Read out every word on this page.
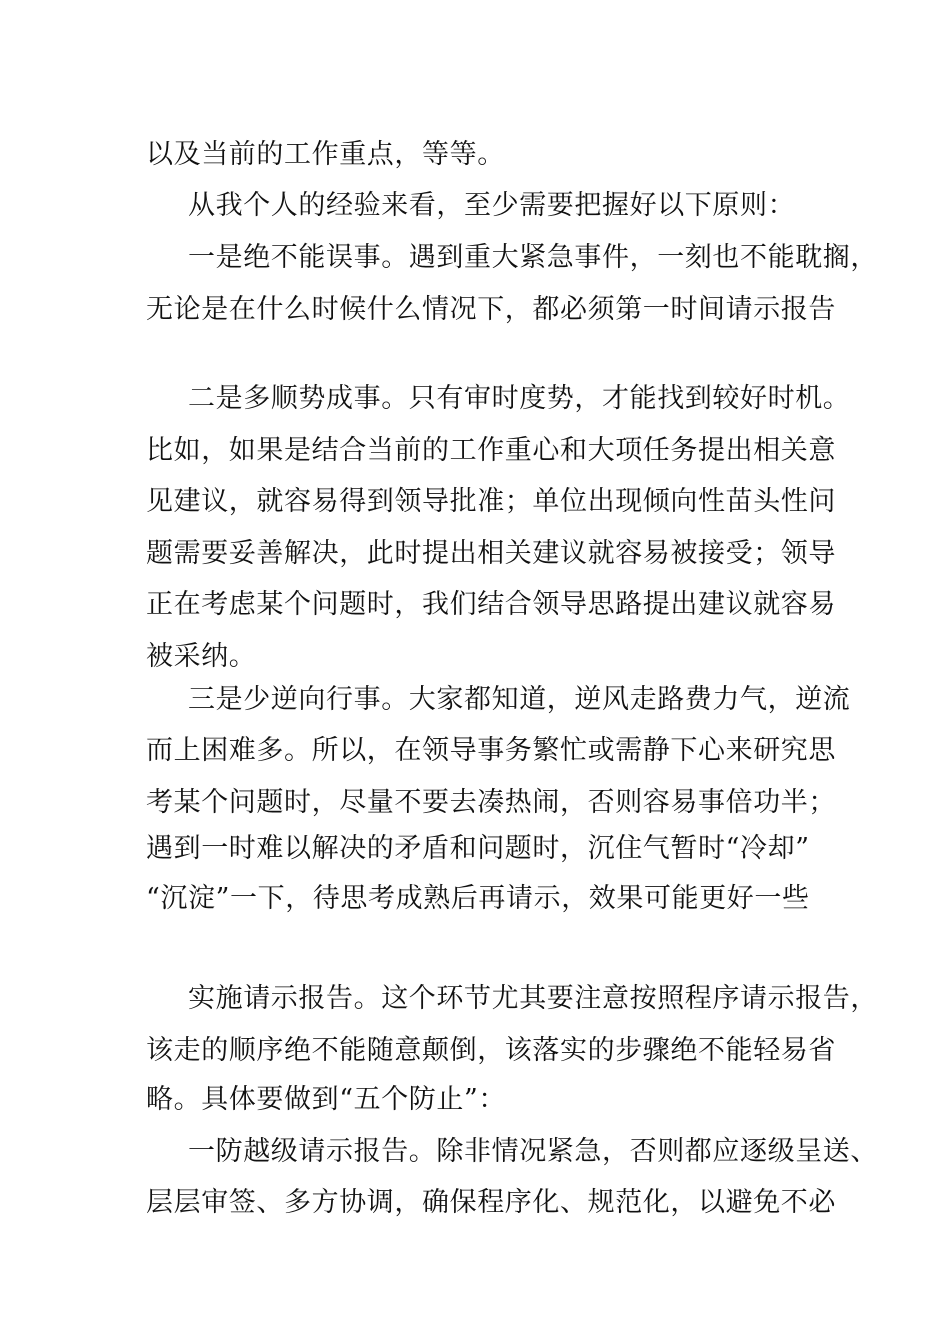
以及当前的工作重点，等等。
从我个人的经验来看，至少需要把握好以下原则：
一是绝不能误事。遇到重大紧急事件，一刻也不能耽搁，
无论是在什么时候什么情况下，都必须第一时间请示报告
二是多顺势成事。只有审时度势，才能找到较好时机。
比如，如果是结合当前的工作重心和大项任务提出相关意
见建议，就容易得到领导批准；单位出现倾向性苗头性问
题需要妥善解决，此时提出相关建议就容易被接受；领导
正在考虑某个问题时，我们结合领导思路提出建议就容易
被采纳。
三是少逆向行事。大家都知道，逆风走路费力气，逆流
而上困难多。所以，在领导事务繁忙或需静下心来研究思
考某个问题时，尽量不要去凑热闹，否则容易事倍功半；
遇到一时难以解决的矛盾和问题时，沉住气暂时“冷却”
“沉淀”一下，待思考成熟后再请示，效果可能更好一些
实施请示报告。这个环节尤其要注意按照程序请示报告，
该走的顺序绝不能随意颠倒，该落实的步骤绝不能轻易省
略。具体要做到“五个防止”：
一防越级请示报告。除非情况紧急，否则都应逐级呈送、
层层审签、多方协调，确保程序化、规范化，以避免不必
